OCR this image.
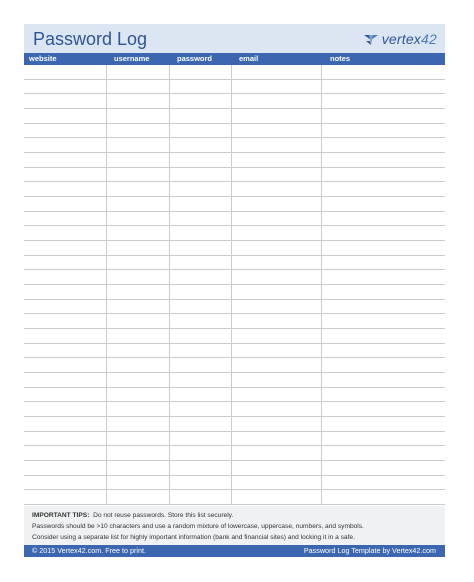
Password Log	vertex42
website	username	password	email	notes
IMPORTANT TIPS: Do not reuse passwords. Store this list securely.
Passwords should be >10 characters and use a random mixture of lowercase, uppercase, numbers, and symbols.
Consider using a separate list for highly important information (bank and financial sites) and locking it in a safe.
© 2015 Vertex42.com. Free to print.	Password Log Template by Vertex42.com
